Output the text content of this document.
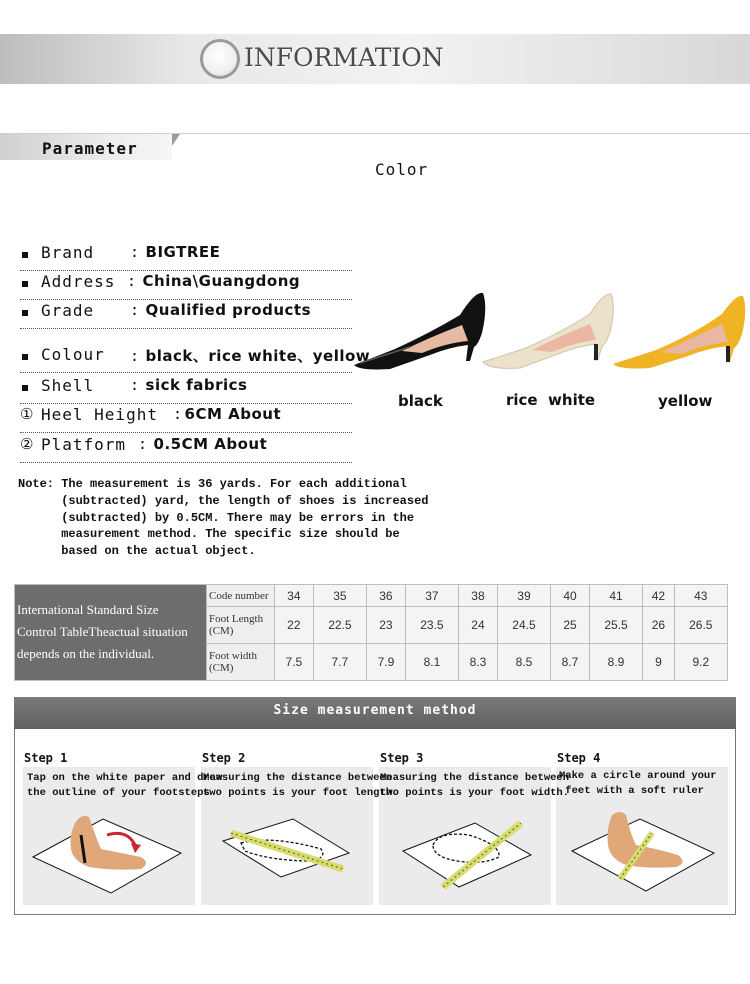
INFORMATION
Parameter
Color
Brand : BIGTREE
Address : China\Guangdong
Grade : Qualified products
Colour : black、rice white、yellow
Shell : sick fabrics
① Heel Height : 6CM About
② Platform : 0.5CM About
black	rice  white	yellow
Note: The measurement is 36 yards. For each additional
(subtracted) yard, the length of shoes is increased
(subtracted) by 0.5CM. There may be errors in the
measurement method. The specific size should be
based on the actual object.
International Standard Size
Control TableTheactual situation
depends on the individual.	Code number	34	35	36	37	38	39	40	41	42	43
	Foot Length (CM)	22	22.5	23	23.5	24	24.5	25	25.5	26	26.5
	Foot width (CM)	7.5	7.7	7.9	8.1	8.3	8.5	8.7	8.9	9	9.2
Size measurement method
Step 1	Step 2	Step 3	Step 4
Tap on the white paper and draw
the outline of your footsteps
Measuring the distance between
two points is your foot length.
Measuring the distance between
two points is your foot width.
Make a circle around your
feet with a soft ruler
